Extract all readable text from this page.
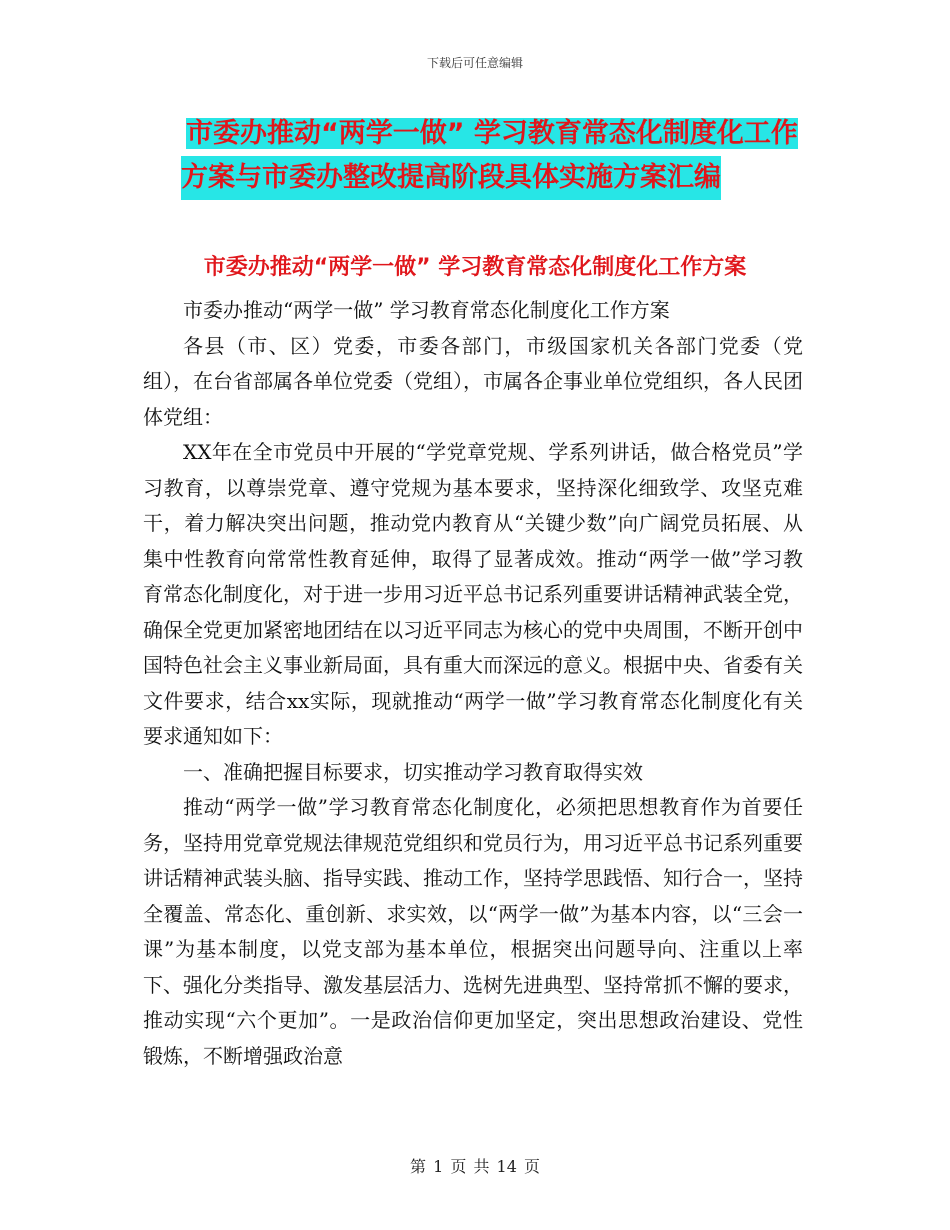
下载后可任意编辑
市委办推动“两学一做” 学习教育常态化制度化工作
方案与市委办整改提高阶段具体实施方案汇编
市委办推动“两学一做” 学习教育常态化制度化工作方案

市委办推动“两学一做” 学习教育常态化制度化工作方案

各县（市、区）党委，市委各部门，市级国家机关各部门党委（党组），在台省部属各单位党委（党组），市属各企事业单位党组织，各人民团体党组：

XX年在全市党员中开展的“学党章党规、学系列讲话，做合格党员”学习教育，以尊崇党章、遵守党规为基本要求，坚持深化细致学、攻坚克难干，着力解决突出问题，推动党内教育从“关键少数”向广阔党员拓展、从集中性教育向常常性教育延伸，取得了显著成效。推动“两学一做”学习教育常态化制度化，对于进一步用习近平总书记系列重要讲话精神武装全党，确保全党更加紧密地团结在以习近平同志为核心的党中央周围，不断开创中国特色社会主义事业新局面，具有重大而深远的意义。根据中央、省委有关文件要求，结合xx实际，现就推动“两学一做”学习教育常态化制度化有关要求通知如下：

一、准确把握目标要求，切实推动学习教育取得实效

推动“两学一做”学习教育常态化制度化，必须把思想教育作为首要任务，坚持用党章党规法律规范党组织和党员行为，用习近平总书记系列重要讲话精神武装头脑、指导实践、推动工作，坚持学思践悟、知行合一，坚持全覆盖、常态化、重创新、求实效，以“两学一做”为基本内容，以“三会一课”为基本制度，以党支部为基本单位，根据突出问题导向、注重以上率下、强化分类指导、激发基层活力、选树先进典型、坚持常抓不懈的要求，推动实现“六个更加”。一是政治信仰更加坚定，突出思想政治建设、党性锻炼，不断增强政治意

第 1 页 共 14 页
